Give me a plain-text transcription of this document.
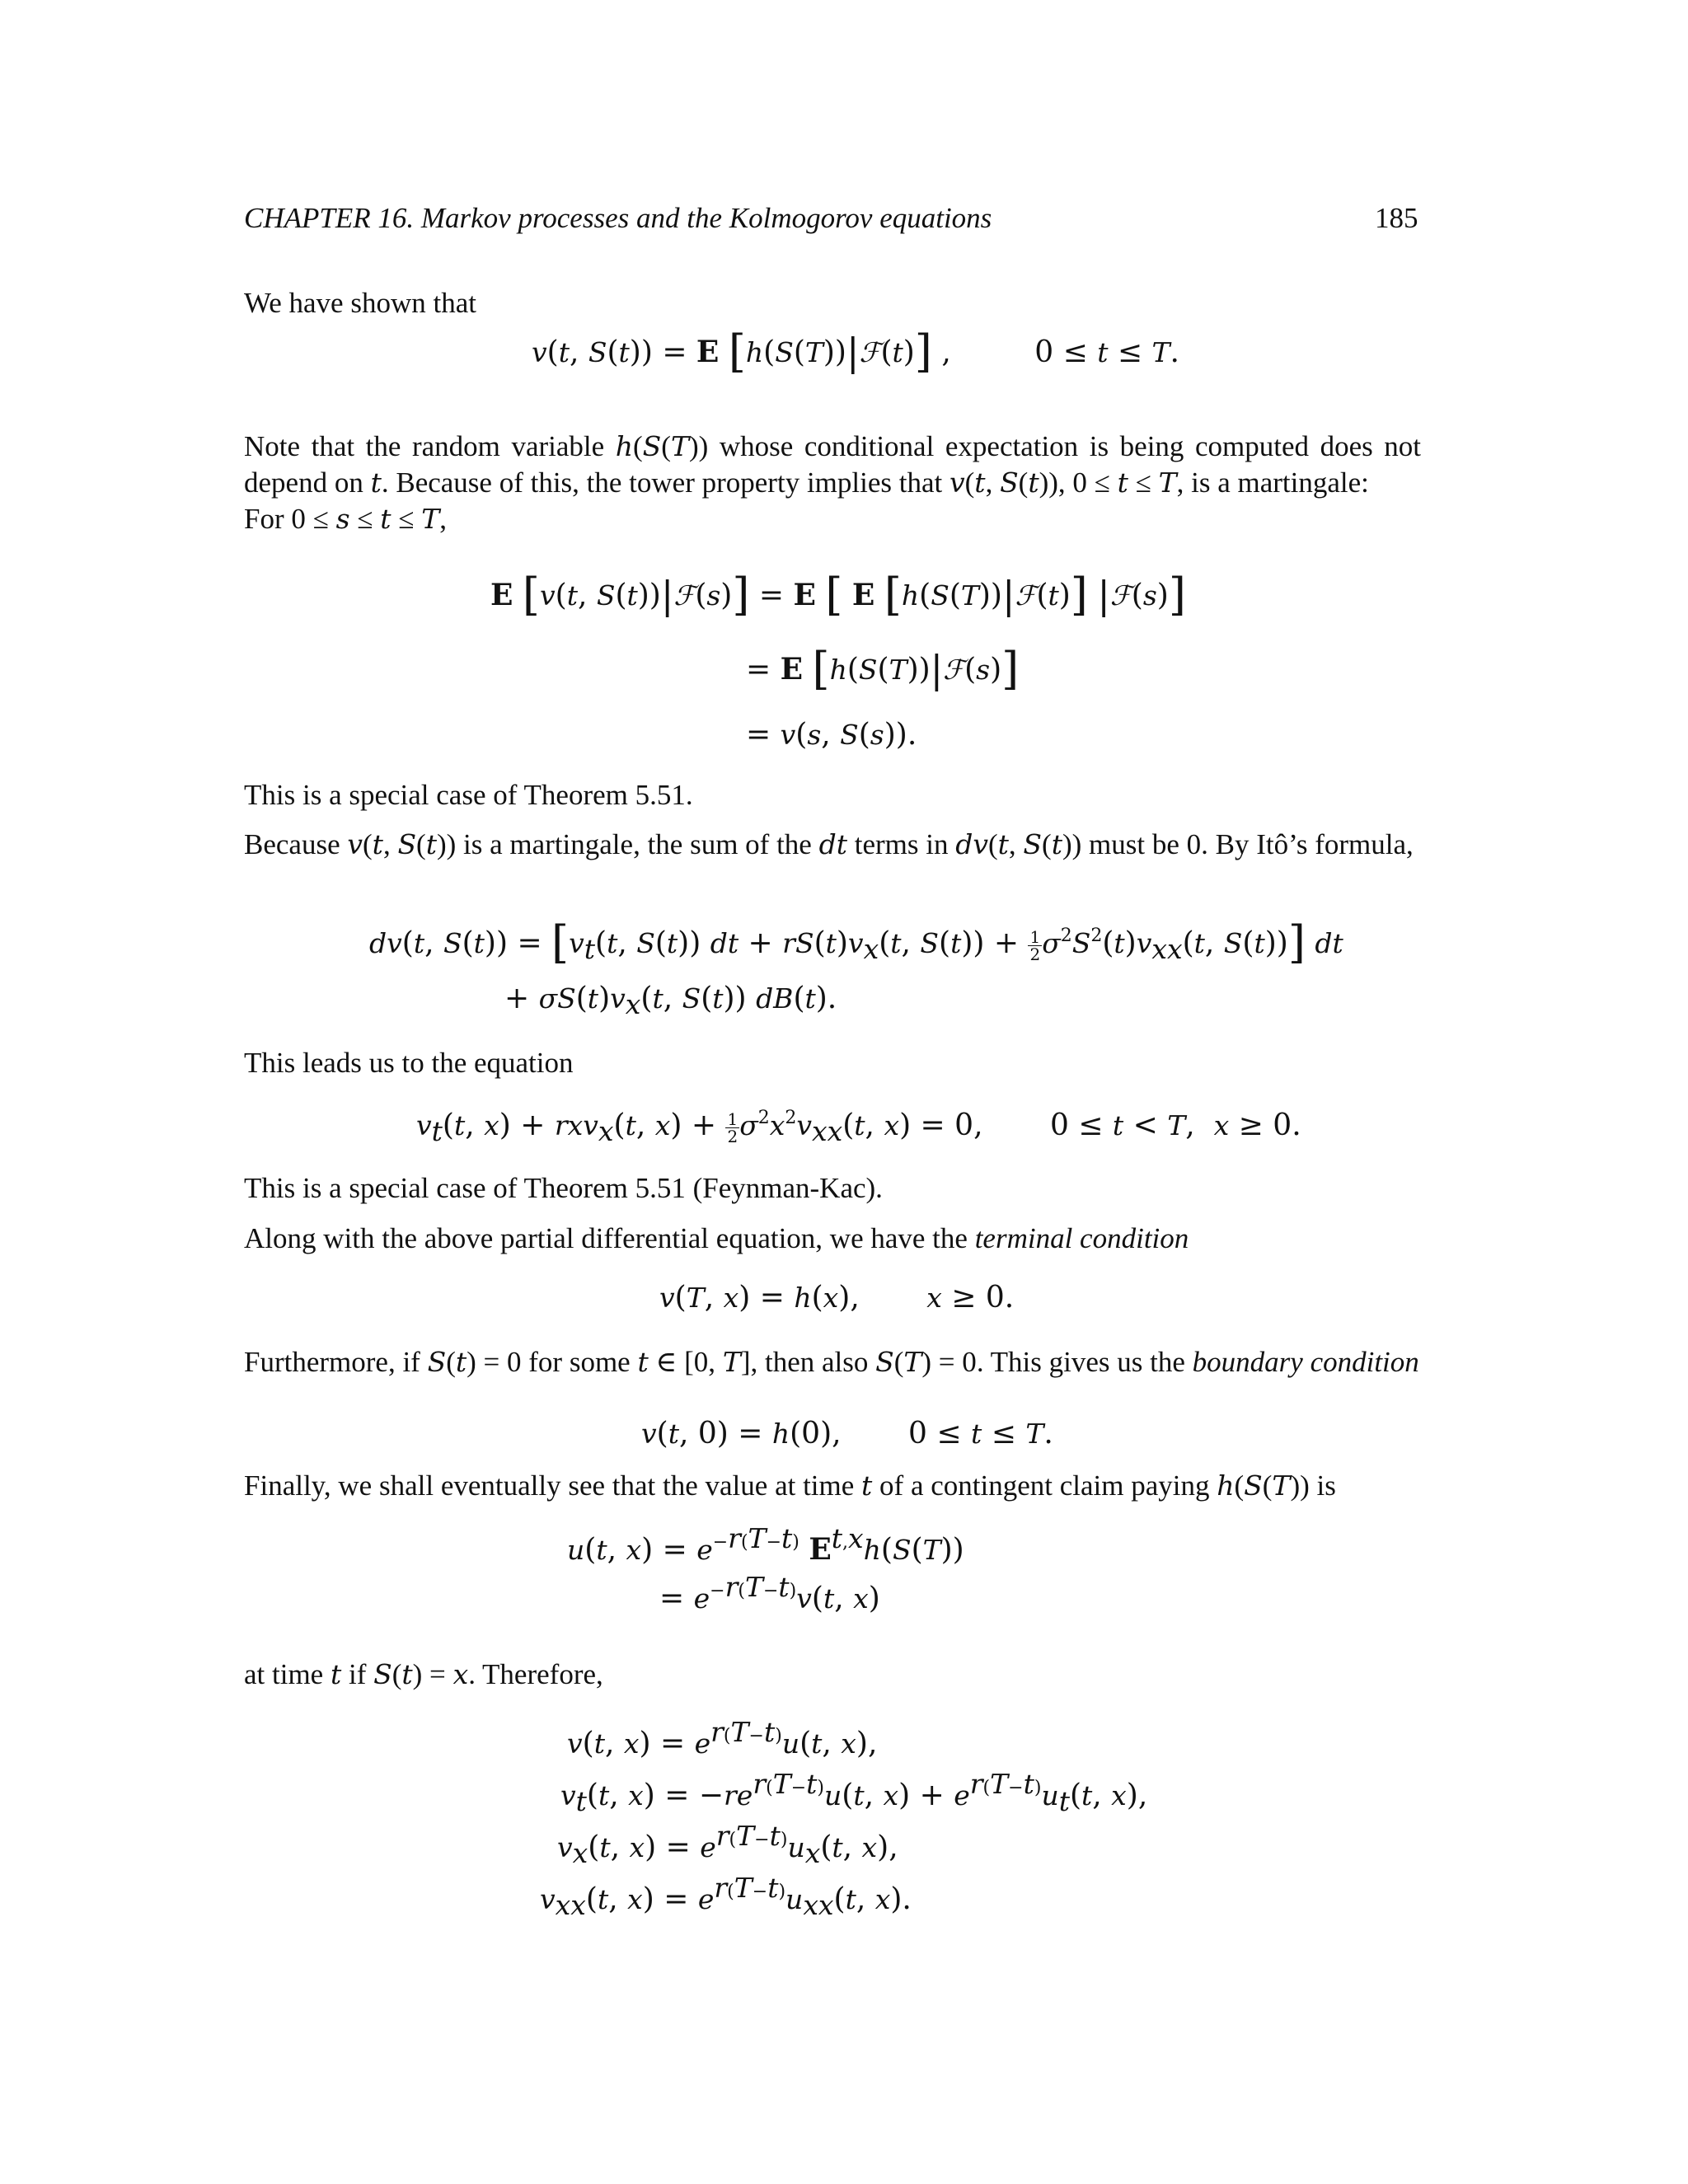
CHAPTER 16. Markov processes and the Kolmogorov equations	185
We have shown that
v(t, S(t)) = E [h(S(T))|ℱ(t)] ,	0 ≤ t ≤ T.
Note that the random variable h(S(T)) whose conditional expectation is being computed does not depend on t. Because of this, the tower property implies that v(t, S(t)), 0 ≤ t ≤ T, is a martingale:
For 0 ≤ s ≤ t ≤ T,
E [v(t, S(t))|ℱ(s)] = E [ E [h(S(T))|ℱ(t)] |ℱ(s)]
= E [h(S(T))|ℱ(s)]
= v(s, S(s)).
This is a special case of Theorem 5.51.
Because v(t, S(t)) is a martingale, the sum of the dt terms in dv(t, S(t)) must be 0. By Itô’s formula,
dv(t, $S(t)) = [v_t(t$, S(t)) dt + $rS(t)v_x(t$, $S(t)) + \frac{1}{2} \sigma^2S^2(t)v_{xx}(t$, S(t))] dt
+ $\sigma S(t)v_x(t$, S(t)) dB(t).
This leads us to the equation
$v_t(t$, x) + rxv$_x$(t, $x) + \frac{1}{2} \sigma^2x^2v_{xx}(t$, x) = 0, 0 ≤ t < T,  x ≥ 0.
This is a special case of Theorem 5.51 (Feynman-Kac).
Along with the above partial differential equation, we have the terminal condition
v(T, x) = h(x), x ≥ 0.
Furthermore, if S(t) = 0 for some t ∈ [0, T], then also S(T) = 0. This gives us the boundary condition
v(t, 0) = h(0), 0 ≤ t ≤ T.
Finally, we shall eventually see that the value at time t of a contingent claim paying h(S(T)) is
u(t, $x) = e^{-r(T-t)}$ E$^{t,x}$h(S(T))
= $e^{-r(T-t)}v(t$, x)
at time t if S(t) = x. Therefore,
v(t, $x) = e^{r(T-t)}u(t$, x),
$v_t(t$, $x) = -re^{r(T-t)}u(t$, $x) + e^{r(T-t)}u_t(t$, x),
$v_x(t$, $x) = e^{r(T-t)}u_x(t$, x),
$v_{xx}(t$, $x) = e^{r(T-t)}u_{xx}(t$, x).
